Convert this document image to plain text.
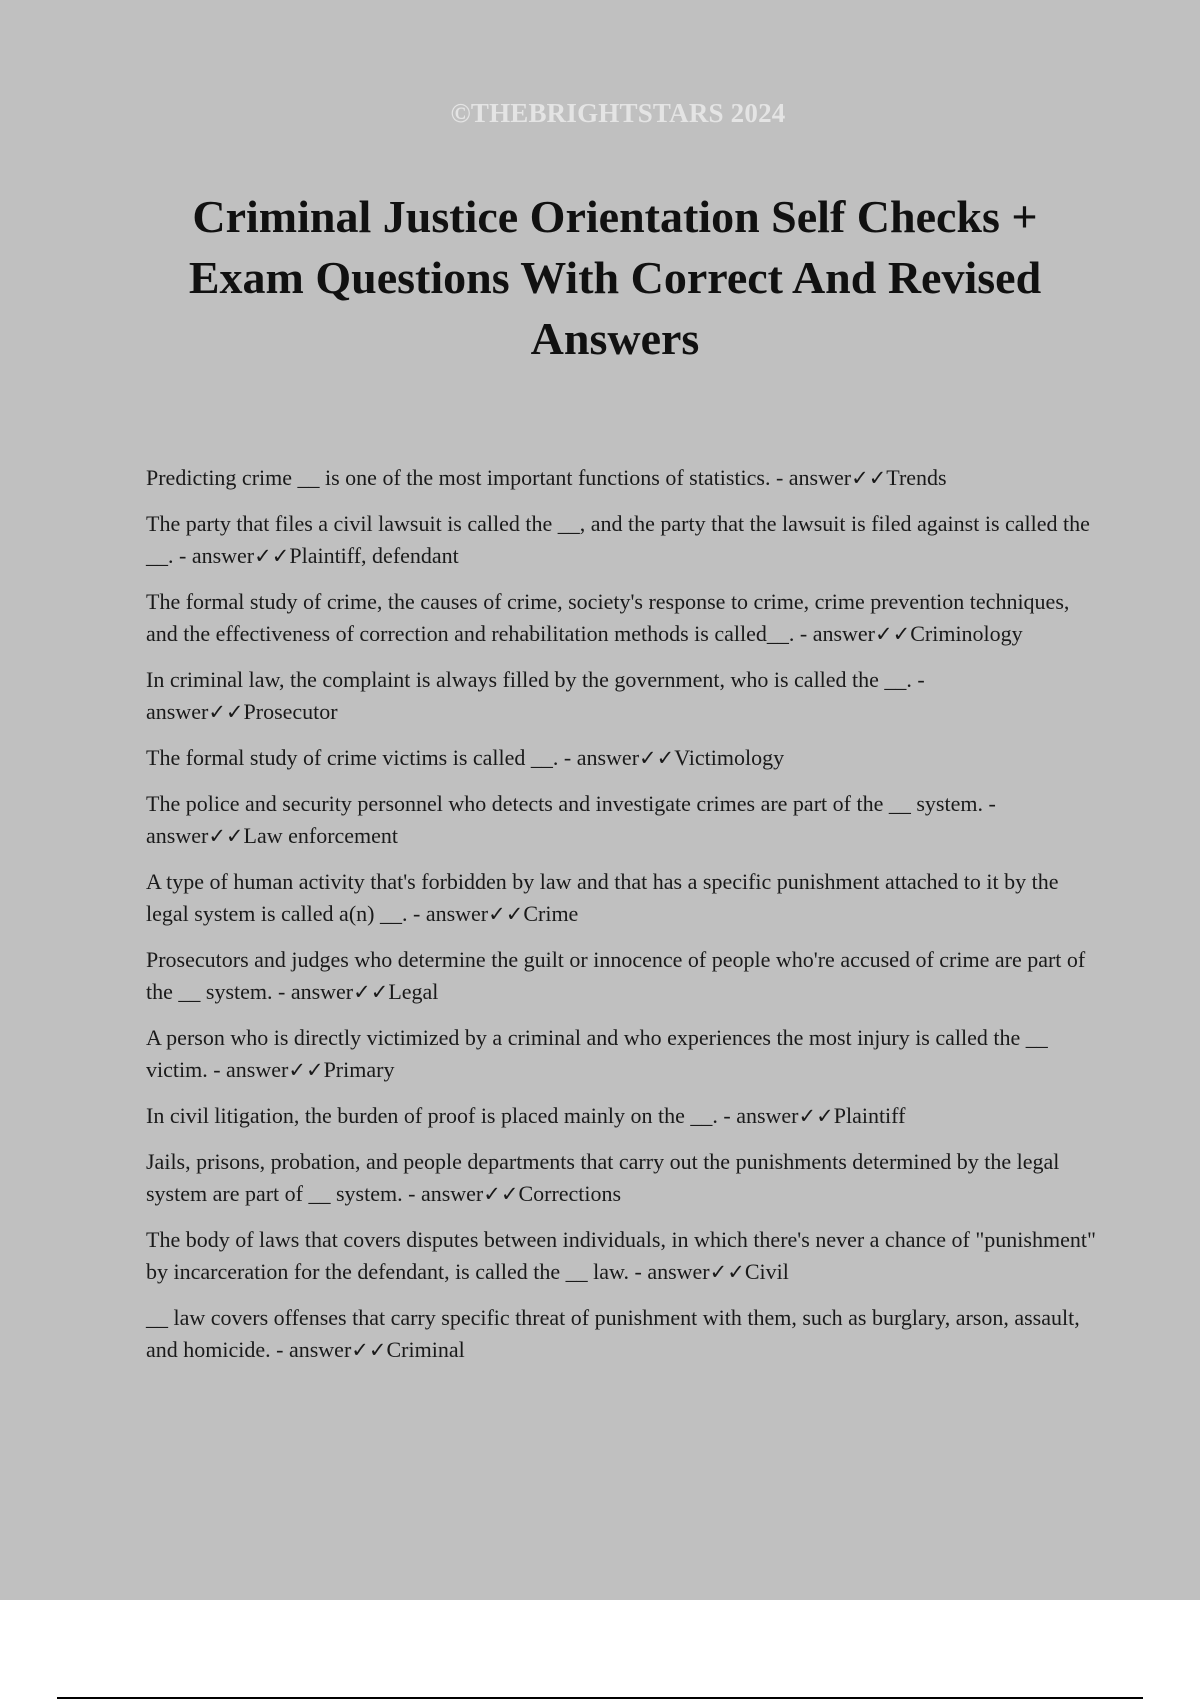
©THEBRIGHTSTARS 2024
Criminal Justice Orientation Self Checks + Exam Questions With Correct And Revised Answers
Predicting crime __ is one of the most important functions of statistics. - answer✓✓Trends
The party that files a civil lawsuit is called the __, and the party that the lawsuit is filed against is called the __. - answer✓✓Plaintiff, defendant
The formal study of crime, the causes of crime, society's response to crime, crime prevention techniques, and the effectiveness of correction and rehabilitation methods is called__. - answer✓✓Criminology
In criminal law, the complaint is always filled by the government, who is called the __. - answer✓✓Prosecutor
The formal study of crime victims is called __. - answer✓✓Victimology
The police and security personnel who detects and investigate crimes are part of the __ system. - answer✓✓Law enforcement
A type of human activity that's forbidden by law and that has a specific punishment attached to it by the legal system is called a(n) __. - answer✓✓Crime
Prosecutors and judges who determine the guilt or innocence of people who're accused of crime are part of the __ system. - answer✓✓Legal
A person who is directly victimized by a criminal and who experiences the most injury is called the __ victim. - answer✓✓Primary
In civil litigation, the burden of proof is placed mainly on the __. - answer✓✓Plaintiff
Jails, prisons, probation, and people departments that carry out the punishments determined by the legal system are part of __ system. - answer✓✓Corrections
The body of laws that covers disputes between individuals, in which there's never a chance of "punishment" by incarceration for the defendant, is called the __ law. - answer✓✓Civil
__ law covers offenses that carry specific threat of punishment with them, such as burglary, arson, assault, and homicide. - answer✓✓Criminal
